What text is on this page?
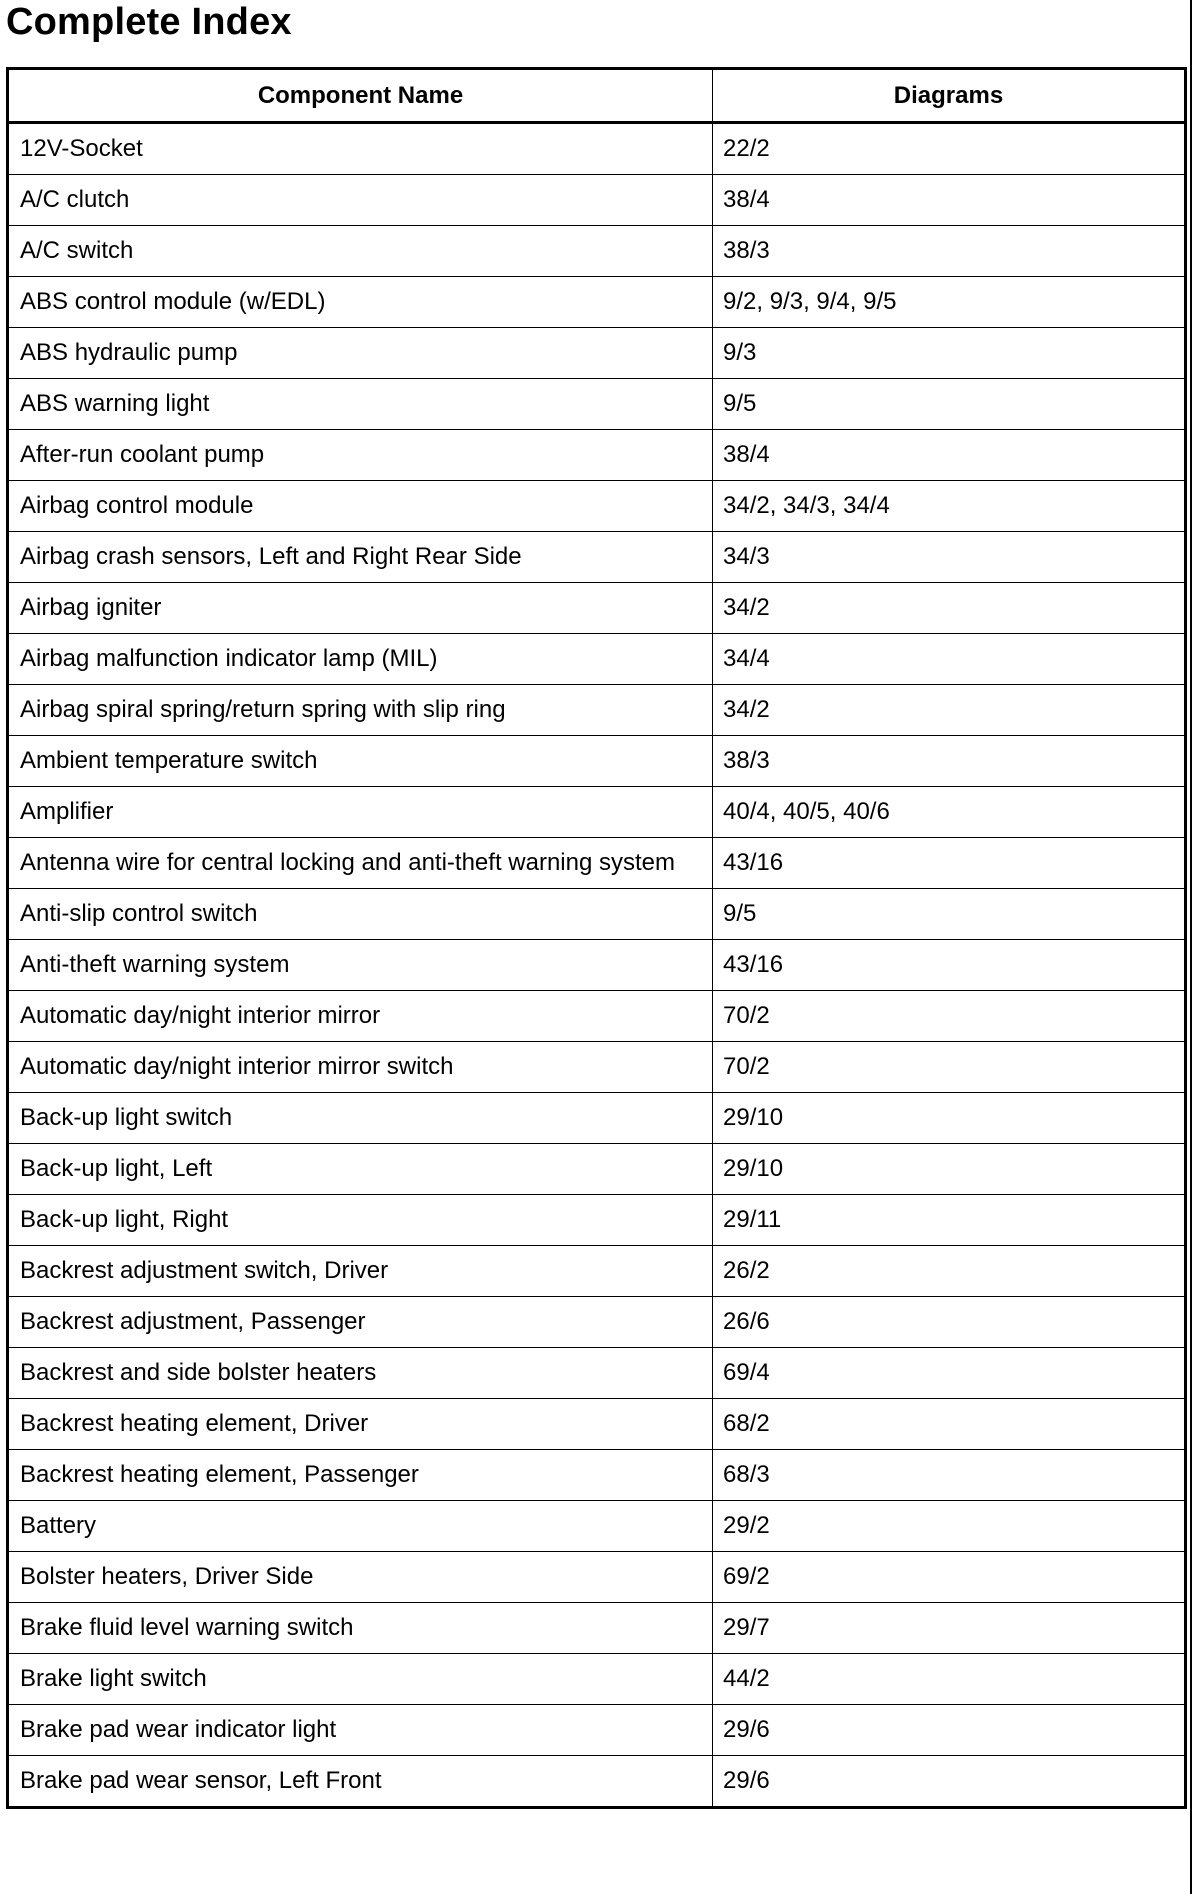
Complete Index
Component Name	Diagrams
12V-Socket	22/2
A/C clutch	38/4
A/C switch	38/3
ABS control module (w/EDL)	9/2, 9/3, 9/4, 9/5
ABS hydraulic pump	9/3
ABS warning light	9/5
After-run coolant pump	38/4
Airbag control module	34/2, 34/3, 34/4
Airbag crash sensors, Left and Right Rear Side	34/3
Airbag igniter	34/2
Airbag malfunction indicator lamp (MIL)	34/4
Airbag spiral spring/return spring with slip ring	34/2
Ambient temperature switch	38/3
Amplifier	40/4, 40/5, 40/6
Antenna wire for central locking and anti-theft warning system	43/16
Anti-slip control switch	9/5
Anti-theft warning system	43/16
Automatic day/night interior mirror	70/2
Automatic day/night interior mirror switch	70/2
Back-up light switch	29/10
Back-up light, Left	29/10
Back-up light, Right	29/11
Backrest adjustment switch, Driver	26/2
Backrest adjustment, Passenger	26/6
Backrest and side bolster heaters	69/4
Backrest heating element, Driver	68/2
Backrest heating element, Passenger	68/3
Battery	29/2
Bolster heaters, Driver Side	69/2
Brake fluid level warning switch	29/7
Brake light switch	44/2
Brake pad wear indicator light	29/6
Brake pad wear sensor, Left Front	29/6
